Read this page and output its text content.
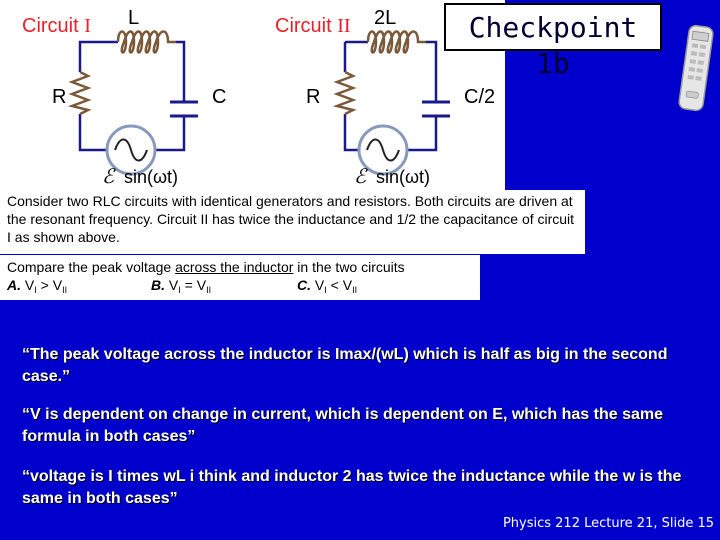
Circuit I L
R	C
ℰ sin(ωt)
Circuit II 2L
R	C/2
ℰ sin(ωt)
Checkpoint 1b

Consider two RLC circuits with identical generators and resistors. Both circuits are driven at the resonant frequency. Circuit II has twice the inductance and 1/2 the capacitance of circuit I as shown above.

Compare the peak voltage across the inductor in the two circuits
A. $V_I > V_{II}$	B. $V_I = V_{II}$	C. $V_I < V_{II}$
“The peak voltage across the inductor is Imax/(wL) which is half as big in the second case.”
“V is dependent on change in current, which is dependent on E, which has the same formula in both cases”
“voltage is I times wL i think and inductor 2 has twice the inductance while the w is the same in both cases”
Physics 212 Lecture 21, Slide 15
